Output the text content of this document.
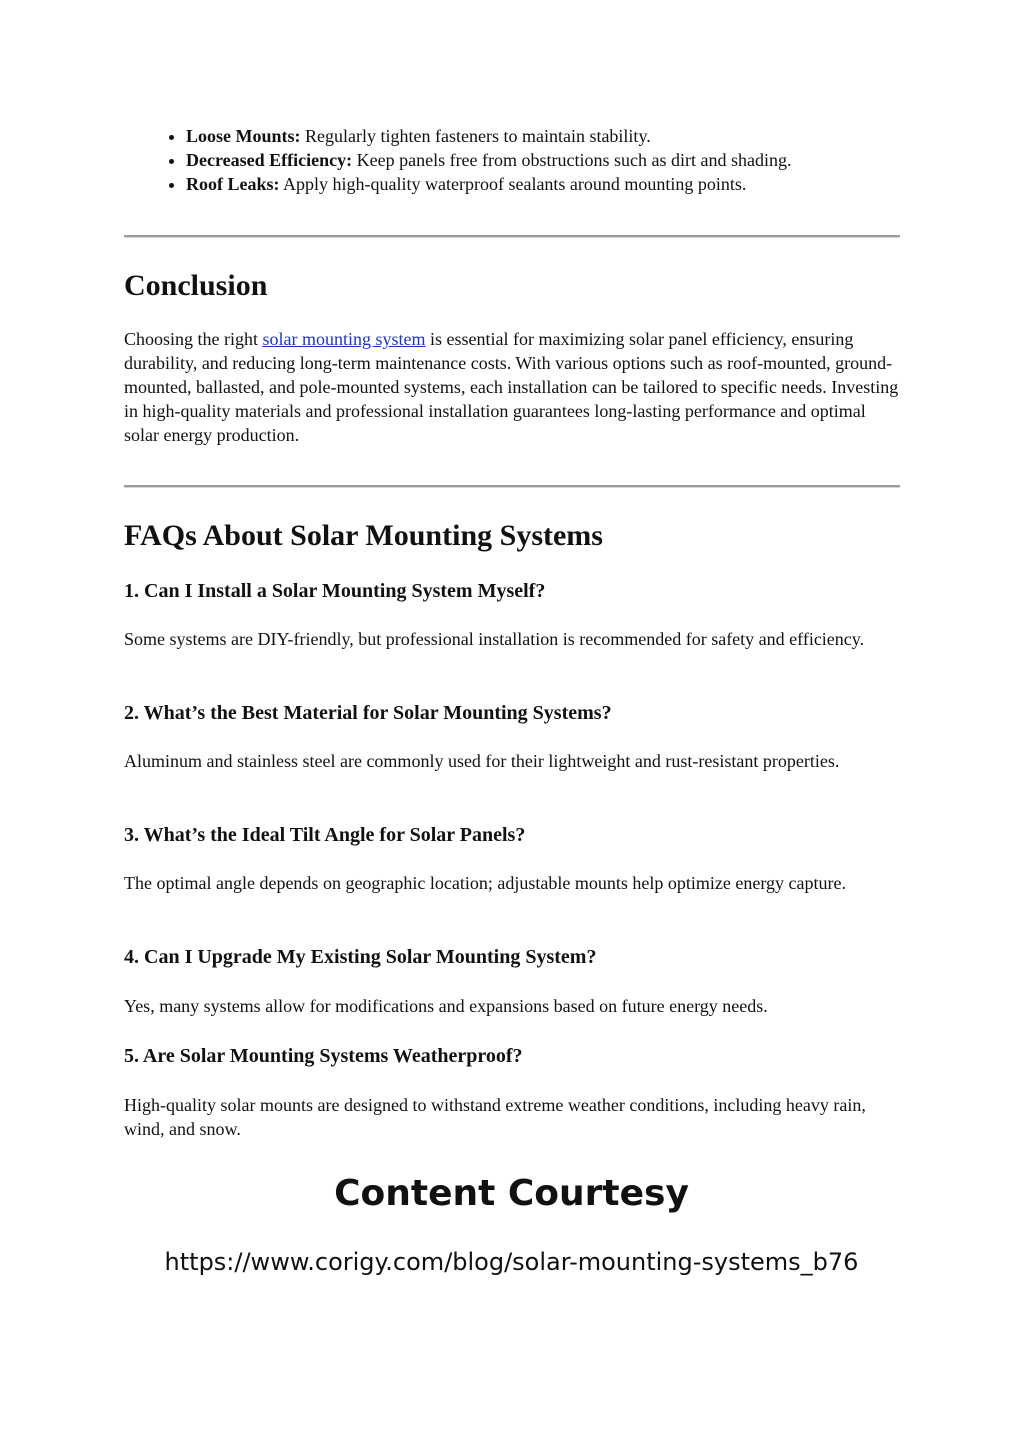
• Loose Mounts: Regularly tighten fasteners to maintain stability.
• Decreased Efficiency: Keep panels free from obstructions such as dirt and shading.
• Roof Leaks: Apply high-quality waterproof sealants around mounting points.
Conclusion

Choosing the right solar mounting system is essential for maximizing solar panel efficiency, ensuring durability, and reducing long-term maintenance costs. With various options such as roof-mounted, ground-mounted, ballasted, and pole-mounted systems, each installation can be tailored to specific needs. Investing in high-quality materials and professional installation guarantees long-lasting performance and optimal solar energy production.

FAQs About Solar Mounting Systems
1. Can I Install a Solar Mounting System Myself?

Some systems are DIY-friendly, but professional installation is recommended for safety and efficiency.

2. What’s the Best Material for Solar Mounting Systems?

Aluminum and stainless steel are commonly used for their lightweight and rust-resistant properties.

3. What’s the Ideal Tilt Angle for Solar Panels?

The optimal angle depends on geographic location; adjustable mounts help optimize energy capture.

4. Can I Upgrade My Existing Solar Mounting System?

Yes, many systems allow for modifications and expansions based on future energy needs.

5. Are Solar Mounting Systems Weatherproof?

High-quality solar mounts are designed to withstand extreme weather conditions, including heavy rain, wind, and snow.

Content Courtesy

https://www.corigy.com/blog/solar-mounting-systems_b76
